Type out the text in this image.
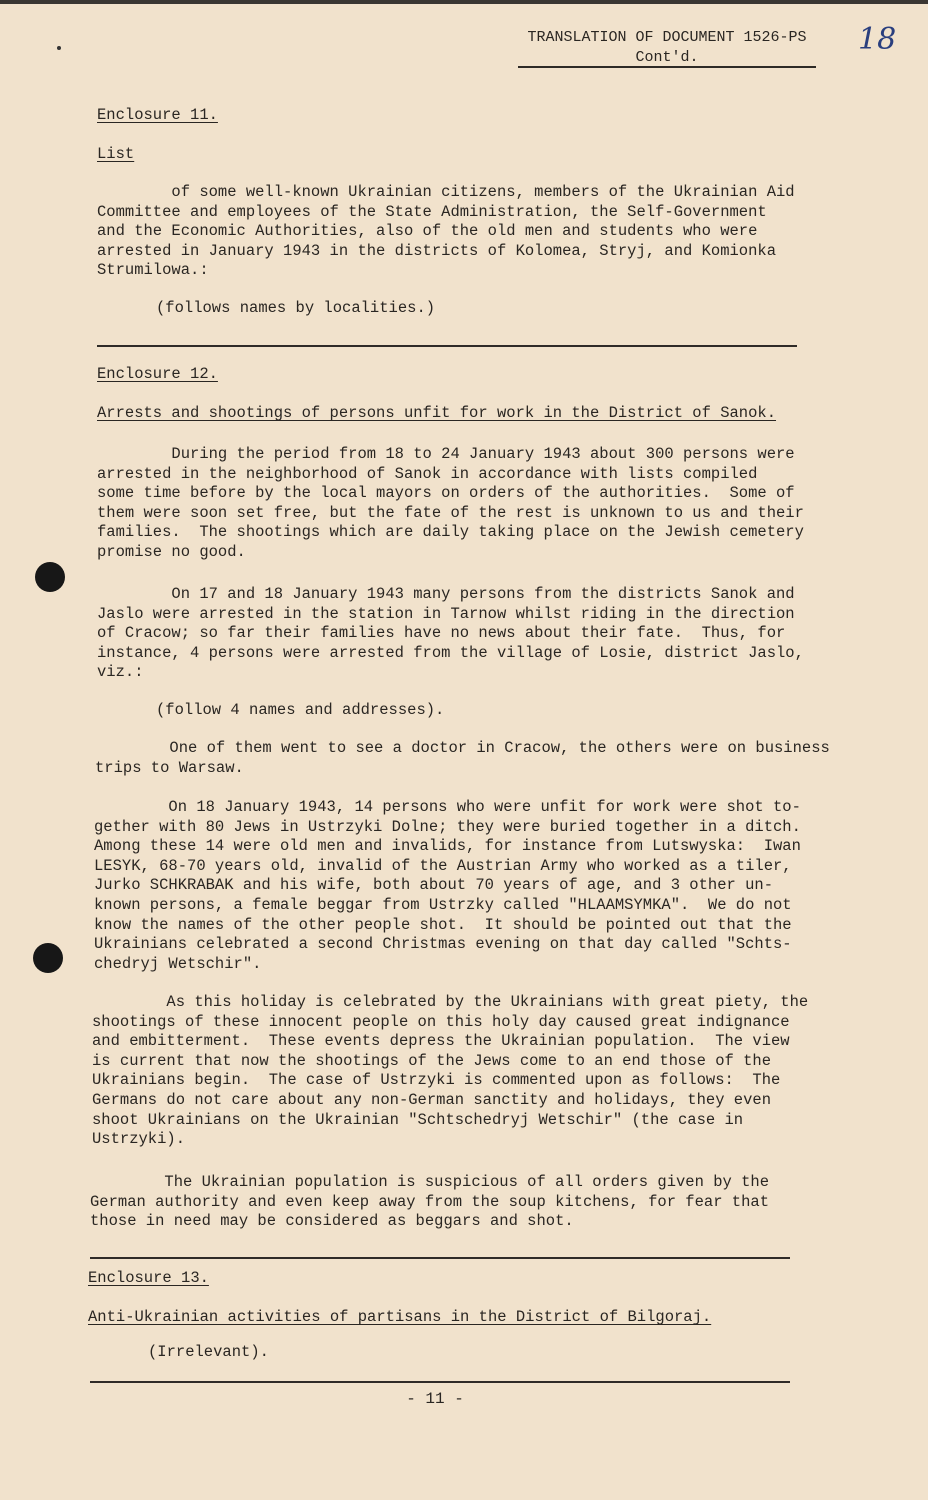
TRANSLATION OF DOCUMENT 1526-PS
Cont'd.
18
Enclosure 11.
List
of some well-known Ukrainian citizens, members of the Ukrainian Aid
Committee and employees of the State Administration, the Self-Government
and the Economic Authorities, also of the old men and students who were
arrested in January 1943 in the districts of Kolomea, Stryj, and Komionka
Strumilowa.:
(follows names by localities.)
Enclosure 12.
Arrests and shootings of persons unfit for work in the District of Sanok.
During the period from 18 to 24 January 1943 about 300 persons were
arrested in the neighborhood of Sanok in accordance with lists compiled
some time before by the local mayors on orders of the authorities.  Some of
them were soon set free, but the fate of the rest is unknown to us and their
families.  The shootings which are daily taking place on the Jewish cemetery
promise no good.
On 17 and 18 January 1943 many persons from the districts Sanok and
Jaslo were arrested in the station in Tarnow whilst riding in the direction
of Cracow; so far their families have no news about their fate.  Thus, for
instance, 4 persons were arrested from the village of Losie, district Jaslo,
viz.:
(follow 4 names and addresses).
One of them went to see a doctor in Cracow, the others were on business
trips to Warsaw.
On 18 January 1943, 14 persons who were unfit for work were shot to-
gether with 80 Jews in Ustrzyki Dolne; they were buried together in a ditch.
Among these 14 were old men and invalids, for instance from Lutswyska:  Iwan
LESYK, 68-70 years old, invalid of the Austrian Army who worked as a tiler,
Jurko SCHKRABAK and his wife, both about 70 years of age, and 3 other un-
known persons, a female beggar from Ustrzky called "HLAAMSYMKA".  We do not
know the names of the other people shot.  It should be pointed out that the
Ukrainians celebrated a second Christmas evening on that day called "Schts-
chedryj Wetschir".
As this holiday is celebrated by the Ukrainians with great piety, the
shootings of these innocent people on this holy day caused great indignance
and embitterment.  These events depress the Ukrainian population.  The view
is current that now the shootings of the Jews come to an end those of the
Ukrainians begin.  The case of Ustrzyki is commented upon as follows:  The
Germans do not care about any non-German sanctity and holidays, they even
shoot Ukrainians on the Ukrainian "Schtschedryj Wetschir" (the case in
Ustrzyki).
The Ukrainian population is suspicious of all orders given by the
German authority and even keep away from the soup kitchens, for fear that
those in need may be considered as beggars and shot.
Enclosure 13.
Anti-Ukrainian activities of partisans in the District of Bilgoraj.
(Irrelevant).
- 11 -
